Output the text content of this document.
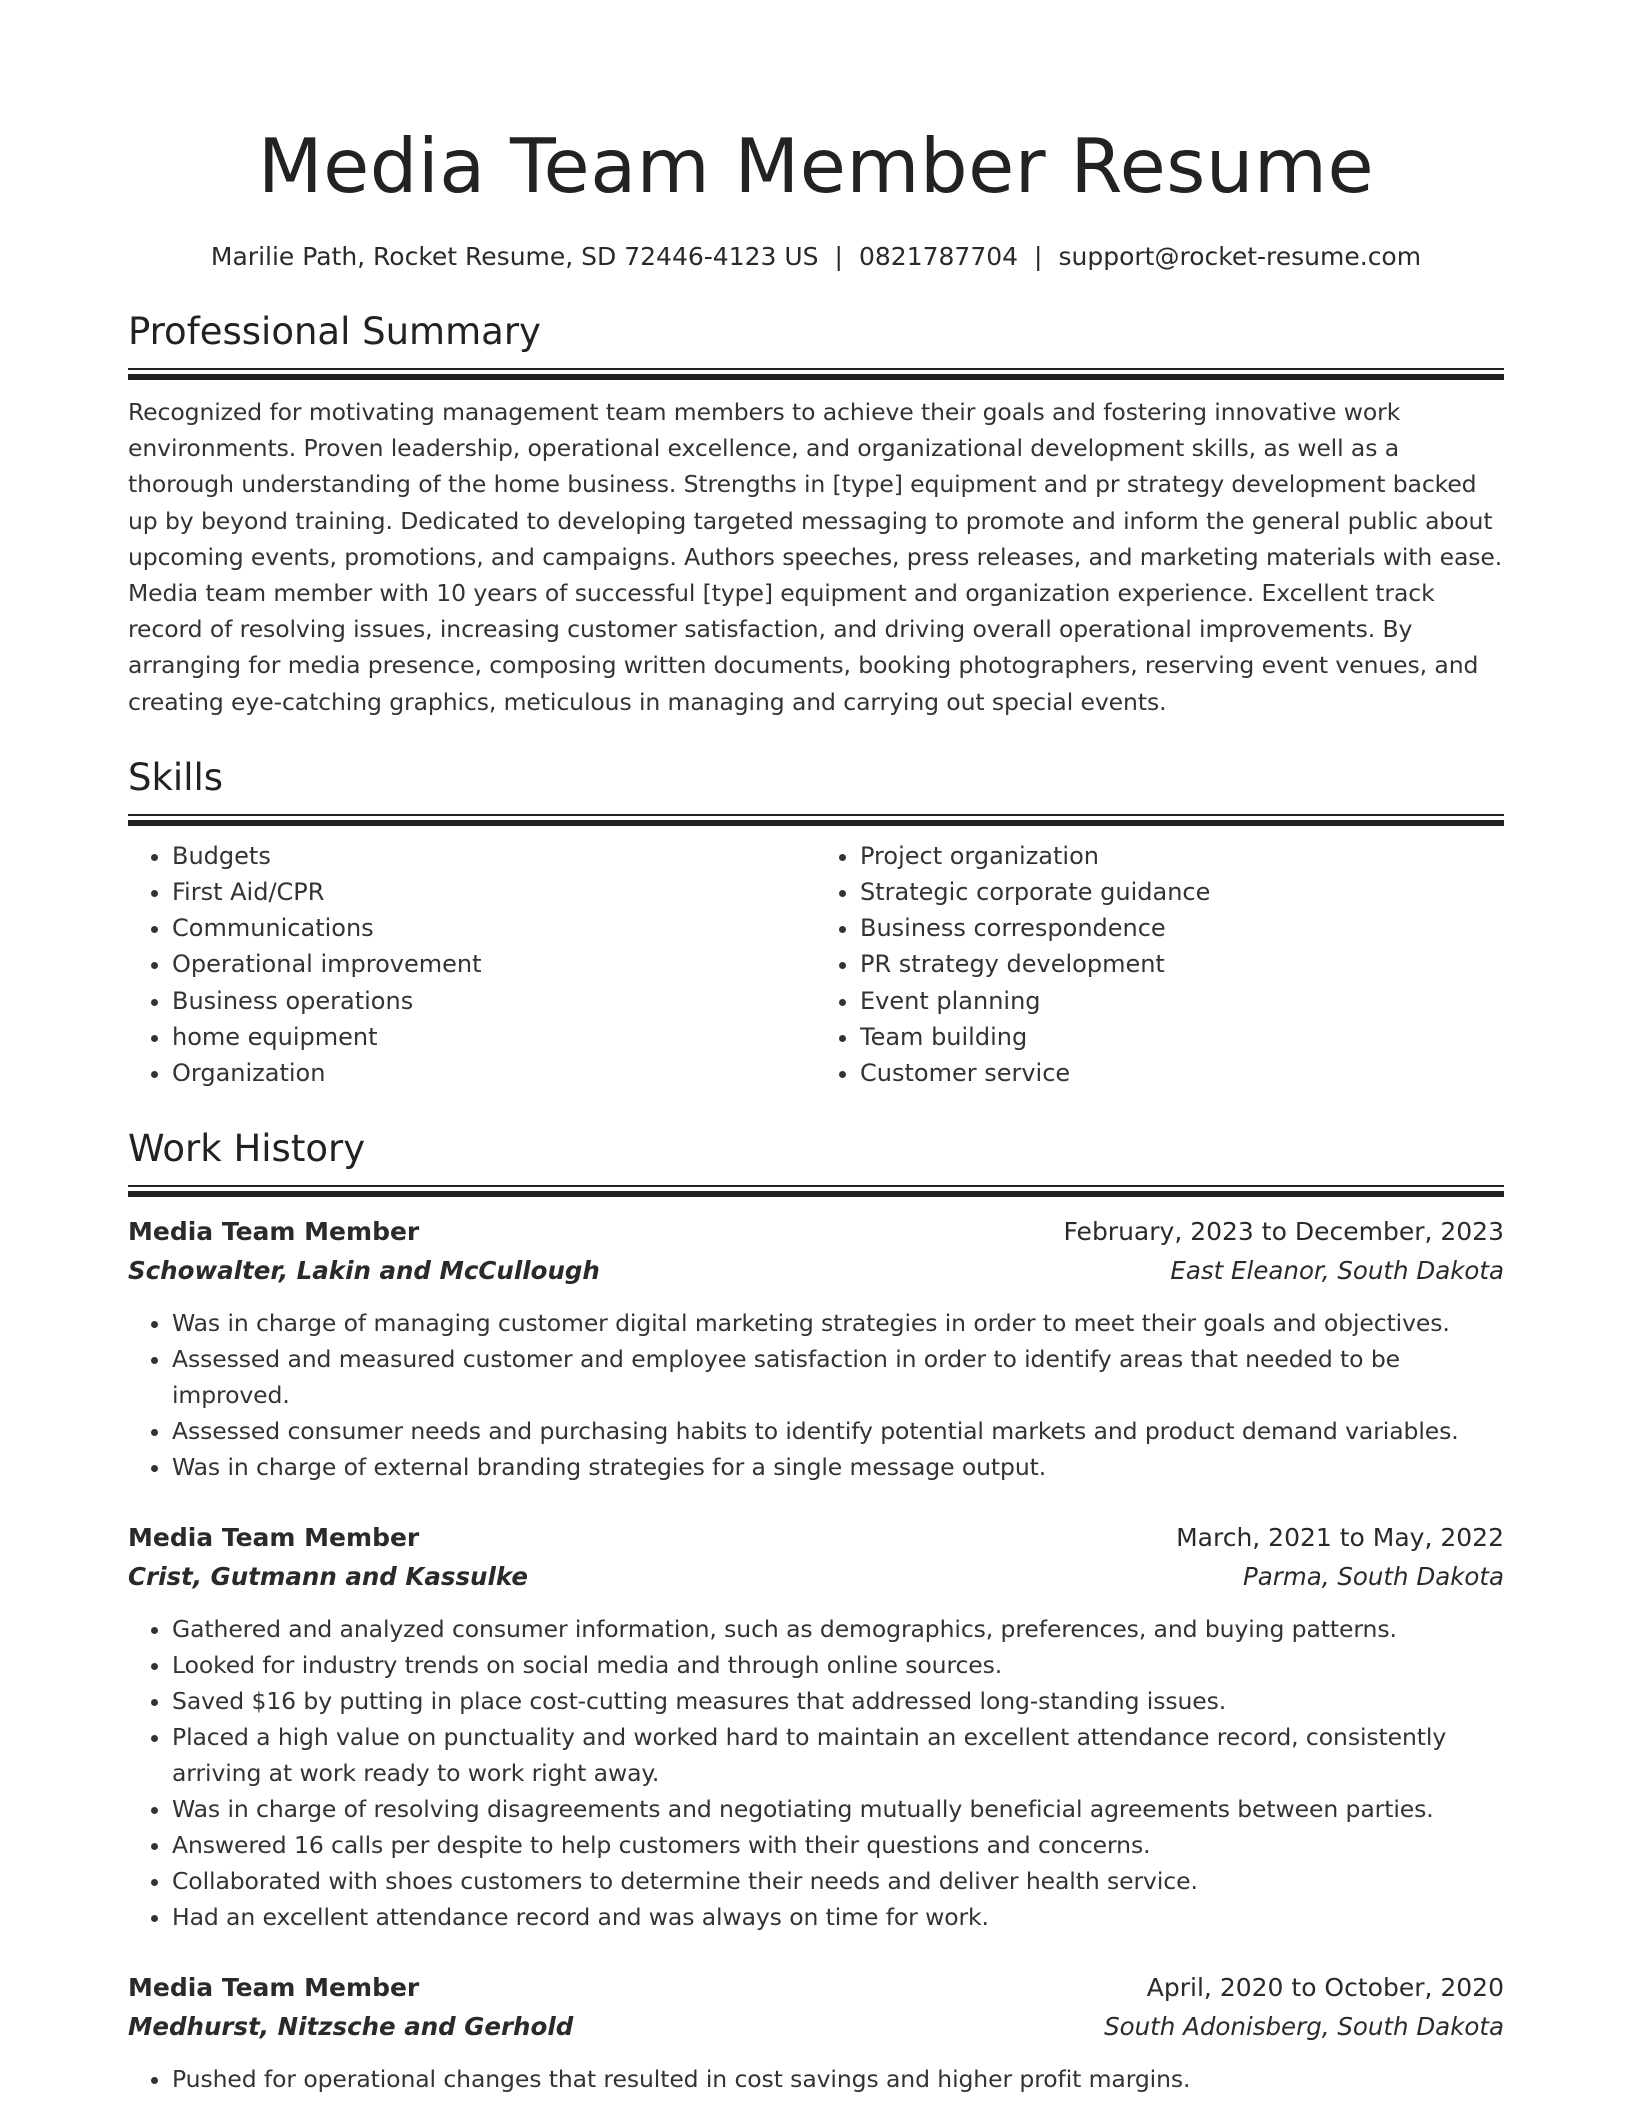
Media Team Member Resume
Marilie Path, Rocket Resume, SD 72446-4123 US | 0821787704 | support@rocket-resume.com
Professional Summary

Recognized for motivating management team members to achieve their goals and fostering innovative work environments. Proven leadership, operational excellence, and organizational development skills, as well as a thorough understanding of the home business. Strengths in [type] equipment and pr strategy development backed up by beyond training. Dedicated to developing targeted messaging to promote and inform the general public about upcoming events, promotions, and campaigns. Authors speeches, press releases, and marketing materials with ease. Media team member with 10 years of successful [type] equipment and organization experience. Excellent track record of resolving issues, increasing customer satisfaction, and driving overall operational improvements. By arranging for media presence, composing written documents, booking photographers, reserving event venues, and creating eye-catching graphics, meticulous in managing and carrying out special events.

Skills
• Budgets
• First Aid/CPR
• Communications
• Operational improvement
• Business operations
• home equipment
• Organization
• Project organization
• Strategic corporate guidance
• Business correspondence
• PR strategy development
• Event planning
• Team building
• Customer service
Work History
Media Team Member	February, 2023 to December, 2023
Schowalter, Lakin and McCullough	East Eleanor, South Dakota
• Was in charge of managing customer digital marketing strategies in order to meet their goals and objectives.
• Assessed and measured customer and employee satisfaction in order to identify areas that needed to be improved.
• Assessed consumer needs and purchasing habits to identify potential markets and product demand variables.
• Was in charge of external branding strategies for a single message output.
Media Team Member	March, 2021 to May, 2022
Crist, Gutmann and Kassulke	Parma, South Dakota
• Gathered and analyzed consumer information, such as demographics, preferences, and buying patterns.
• Looked for industry trends on social media and through online sources.
• Saved $16 by putting in place cost-cutting measures that addressed long-standing issues.
• Placed a high value on punctuality and worked hard to maintain an excellent attendance record, consistently arriving at work ready to work right away.
• Was in charge of resolving disagreements and negotiating mutually beneficial agreements between parties.
• Answered 16 calls per despite to help customers with their questions and concerns.
• Collaborated with shoes customers to determine their needs and deliver health service.
• Had an excellent attendance record and was always on time for work.
Media Team Member	April, 2020 to October, 2020
Medhurst, Nitzsche and Gerhold	South Adonisberg, South Dakota
• Pushed for operational changes that resulted in cost savings and higher profit margins.
